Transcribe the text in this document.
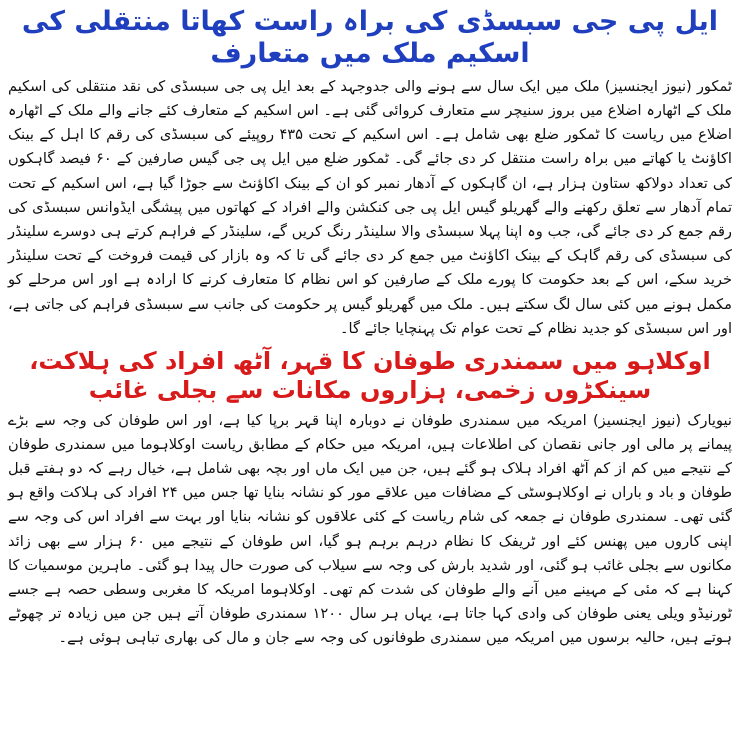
ایل پی جی سبسڈی کی براہ راست کھاتا منتقلی کی اسکیم ملک میں متعارف

ٹمکور (نیوز ایجنسیز) ملک میں ایک سال سے ہونے والی جدوجہد کے بعد ایل پی جی سبسڈی کی نقد منتقلی کی اسکیم ملک کے اٹھارہ اضلاع میں بروز سنیچر سے متعارف کروائی گئی ہے۔ اس اسکیم کے متعارف کئے جانے والے ملک کے اٹھارہ اضلاع میں ریاست کا ٹمکور ضلع بھی شامل ہے۔ اس اسکیم کے تحت ۴۳۵ روپیئے کی سبسڈی کی رقم کا اہل کے بینک اکاؤنٹ یا کھاتے میں براہ راست منتقل کر دی جائے گی۔ ٹمکور ضلع میں ایل پی جی گیس صارفین کے ۶۰ فیصد گاہکوں کی تعداد دولاکھ ستاون ہزار ہے، ان گاہکوں کے آدھار نمبر کو ان کے بینک اکاؤنٹ سے جوڑا گیا ہے، اس اسکیم کے تحت تمام آدھار سے تعلق رکھنے والے گھریلو گیس ایل پی جی کنکشن والے افراد کے کھاتوں میں پیشگی ایڈوانس سبسڈی کی رقم جمع کر دی جائے گی، جب وہ اپنا پہلا سبسڈی والا سلینڈر رنگ کریں گے، سلینڈر کے فراہم کرتے ہی دوسرے سلینڈر کی سبسڈی کی رقم گاہک کے بینک اکاؤنٹ میں جمع کر دی جائے گی تا کہ وہ بازار کی قیمت فروخت کے تحت سلینڈر خرید سکے، اس کے بعد حکومت کا پورے ملک کے صارفین کو اس نظام کا متعارف کرنے کا ارادہ ہے اور اس مرحلے کو مکمل ہونے میں کئی سال لگ سکتے ہیں۔ ملک میں گھریلو گیس پر حکومت کی جانب سے سبسڈی فراہم کی جاتی ہے، اور اس سبسڈی کو جدید نظام کے تحت عوام تک پہنچایا جائے گا۔

اوکلاہو میں سمندری طوفان کا قہر، آٹھ افراد کی ہلاکت، سینکڑوں زخمی، ہزاروں مکانات سے بجلی غائب

نیویارک (نیوز ایجنسیز) امریکہ میں سمندری طوفان نے دوبارہ اپنا قہر برپا کیا ہے، اور اس طوفان کی وجہ سے بڑے پیمانے پر مالی اور جانی نقصان کی اطلاعات ہیں، امریکہ میں حکام کے مطابق ریاست اوکلاہوما میں سمندری طوفان کے نتیجے میں کم از کم آٹھ افراد ہلاک ہو گئے ہیں، جن میں ایک ماں اور بچہ بھی شامل ہے، خیال رہے کہ دو ہفتے قبل طوفان و باد و باراں نے اوکلاہوسٹی کے مضافات میں علاقے مور کو نشانہ بنایا تھا جس میں ۲۴ افراد کی ہلاکت واقع ہو گئی تھی۔ سمندری طوفان نے جمعہ کی شام ریاست کے کئی علاقوں کو نشانہ بنایا اور بہت سے افراد اس کی وجہ سے اپنی کاروں میں پھنس کئے اور ٹریفک کا نظام درہم برہم ہو گیا، اس طوفان کے نتیجے میں ۶۰ ہزار سے بھی زائد مکانوں سے بجلی غائب ہو گئی، اور شدید بارش کی وجہ سے سیلاب کی صورت حال پیدا ہو گئی۔ ماہرین موسمیات کا کہنا ہے کہ مئی کے مہینے میں آنے والے طوفان کی شدت کم تھی۔ اوکلاہوما امریکہ کا مغربی وسطی حصہ ہے جسے ٹورنیڈو ویلی یعنی طوفان کی وادی کہا جاتا ہے، یہاں ہر سال ۱۲۰۰ سمندری طوفان آتے ہیں جن میں زیادہ تر چھوٹے ہوتے ہیں، حالیہ برسوں میں امریکہ میں سمندری طوفانوں کی وجہ سے جان و مال کی بھاری تباہی ہوئی ہے۔
